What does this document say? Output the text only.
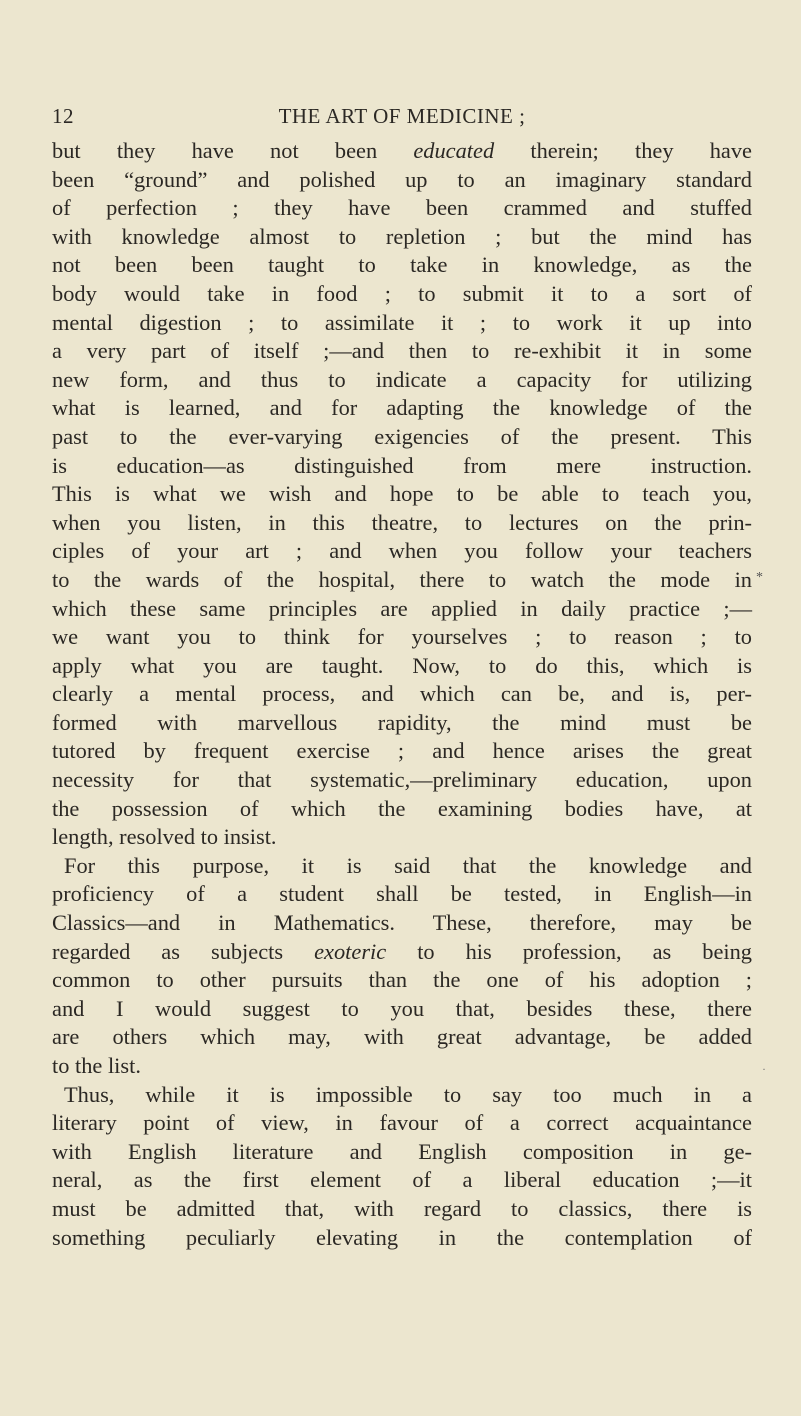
12	THE ART OF MEDICINE ;
but they have not been educated therein; they have
been “ground” and polished up to an imaginary standard
of perfection ; they have been crammed and stuffed
with knowledge almost to repletion ; but the mind has
not been been taught to take in knowledge, as the
body would take in food ; to submit it to a sort of
mental digestion ; to assimilate it ; to work it up into
a very part of itself ;—and then to re-exhibit it in some
new form, and thus to indicate a capacity for utilizing
what is learned, and for adapting the knowledge of the
past to the ever-varying exigencies of the present. This
is education—as distinguished from mere instruction.
This is what we wish and hope to be able to teach you,
when you listen, in this theatre, to lectures on the prin-
ciples of your art ; and when you follow your teachers
to the wards of the hospital, there to watch the mode in
which these same principles are applied in daily practice ;—
we want you to think for yourselves ; to reason ; to
apply what you are taught. Now, to do this, which is
clearly a mental process, and which can be, and is, per-
formed with marvellous rapidity, the mind must be
tutored by frequent exercise ; and hence arises the great
necessity for that systematic,—preliminary education, upon
the possession of which the examining bodies have, at
length, resolved to insist.
For this purpose, it is said that the knowledge and
proficiency of a student shall be tested, in English—in
Classics—and in Mathematics. These, therefore, may be
regarded as subjects exoteric to his profession, as being
common to other pursuits than the one of his adoption ;
and I would suggest to you that, besides these, there
are others which may, with great advantage, be added
to the list.
Thus, while it is impossible to say too much in a
literary point of view, in favour of a correct acquaintance
with English literature and English composition in ge-
neral, as the first element of a liberal education ;—it
must be admitted that, with regard to classics, there is
something peculiarly elevating in the contemplation of
*
·
